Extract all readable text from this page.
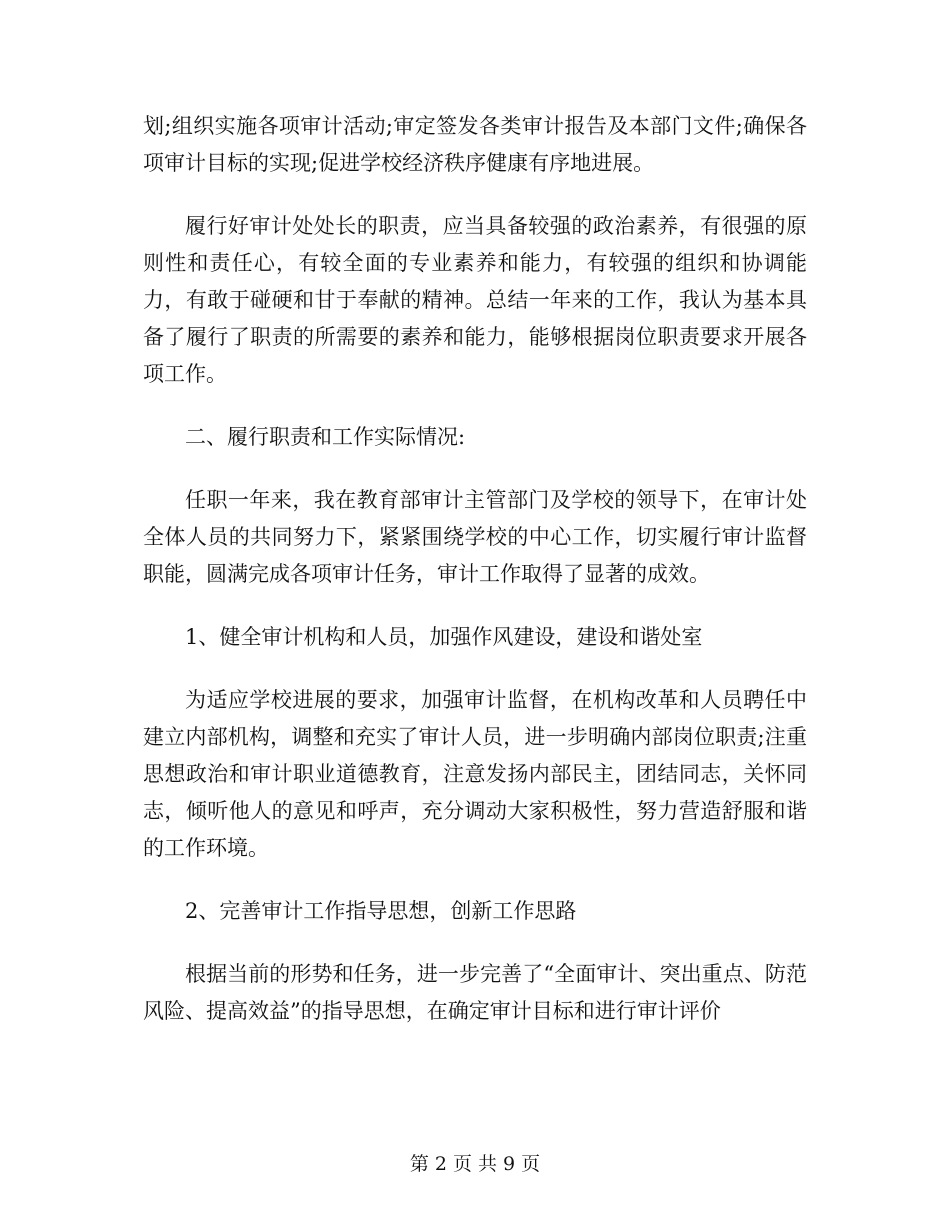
划;组织实施各项审计活动;审定签发各类审计报告及本部门文件;确保各项审计目标的实现;促进学校经济秩序健康有序地进展。

履行好审计处处长的职责，应当具备较强的政治素养，有很强的原则性和责任心，有较全面的专业素养和能力，有较强的组织和协调能力，有敢于碰硬和甘于奉献的精神。总结一年来的工作，我认为基本具备了履行了职责的所需要的素养和能力，能够根据岗位职责要求开展各项工作。

二、履行职责和工作实际情况:

任职一年来，我在教育部审计主管部门及学校的领导下，在审计处全体人员的共同努力下，紧紧围绕学校的中心工作，切实履行审计监督职能，圆满完成各项审计任务，审计工作取得了显著的成效。

1、健全审计机构和人员，加强作风建设，建设和谐处室

为适应学校进展的要求，加强审计监督，在机构改革和人员聘任中建立内部机构，调整和充实了审计人员，进一步明确内部岗位职责;注重思想政治和审计职业道德教育，注意发扬内部民主，团结同志，关怀同志，倾听他人的意见和呼声，充分调动大家积极性，努力营造舒服和谐的工作环境。

2、完善审计工作指导思想，创新工作思路

根据当前的形势和任务，进一步完善了“全面审计、突出重点、防范风险、提高效益”的指导思想，在确定审计目标和进行审计评价

第 2 页 共 9 页
